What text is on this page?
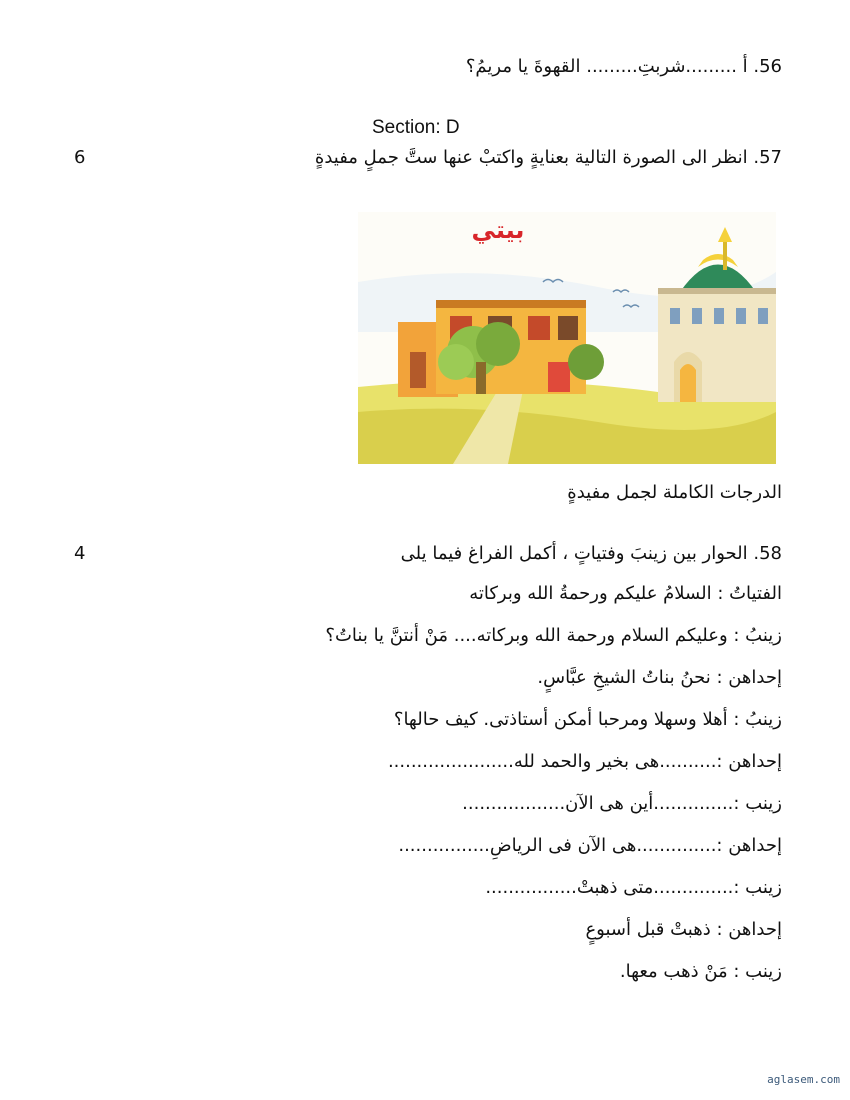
56. أ .........شربتِ......... القهوةَ يا مريمُ؟
Section: D
57. انظر الى الصورة التالية بعنايةٍ واكتبْ عنها ستَّ جملٍ مفيدةٍ
6
بيتي
الدرجات الكاملة لجمل مفيدةٍ
58. الحوار بين زينبَ وفتياتٍ ، أكمل الفراغ فيما يلى
4
الفتياتُ : السلامُ عليكم ورحمةُ الله وبركاته
زينبُ : وعليكم السلام ورحمة الله وبركاته.... مَنْ أنتنَّ يا بناتُ؟
إحداهن : نحنُ بناتُ الشيخِ عبَّاسٍ.
زينبُ : أهلا وسهلا ومرحبا أمكن أستاذتى. كيف حالها؟
إحداهن :..........هى بخير والحمد لله......................
زينب :..............أين هى الآن..................
إحداهن :..............هى الآن فى الرياضِ................
زينب :..............متى ذهبتْ................
إحداهن : ذهبتْ قبل أسبوعٍ
زينب : مَنْ ذهب معها.
aglasem.com
